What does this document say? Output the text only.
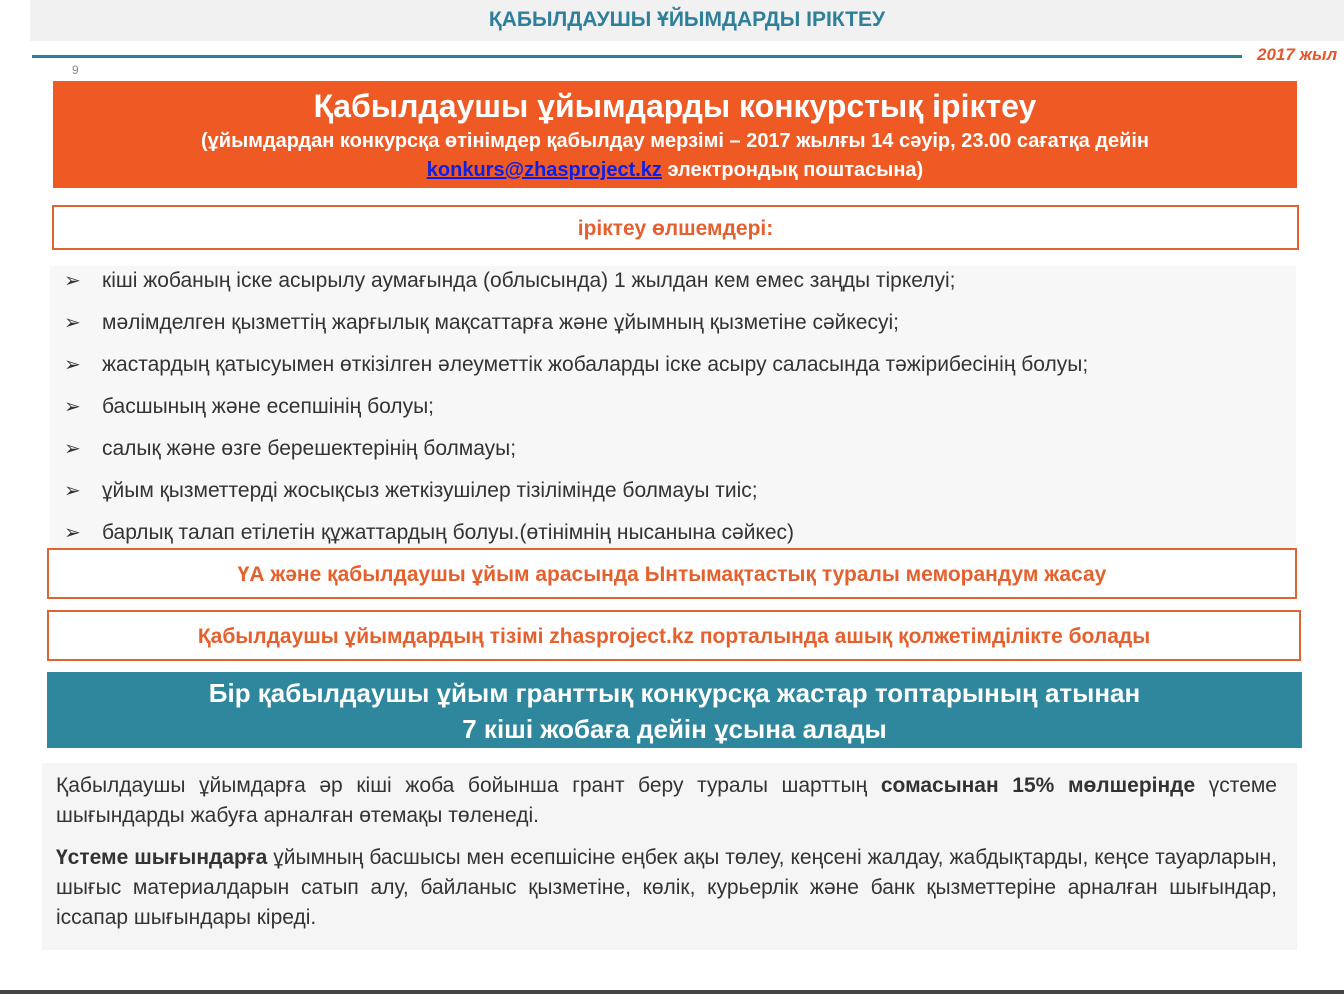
ҚАБЫЛДАУШЫ ҰЙЫМДАРДЫ ІРІКТЕУ
2017 жыл
9
Қабылдаушы ұйымдарды конкурстық іріктеу
(ұйымдардан конкурсқа өтінімдер қабылдау мерзімі – 2017 жылғы 14 сәуір, 23.00 сағатқа дейін
konkurs@zhasproject.kz электрондық поштасына)
іріктеу өлшемдері:
➢ кіші жобаның іске асырылу аумағында (облысында) 1 жылдан кем емес заңды тіркелуі;
➢ мәлімделген қызметтің жарғылық мақсаттарға және ұйымның қызметіне сәйкесуі;
➢ жастардың қатысуымен өткізілген әлеуметтік жобаларды іске асыру саласында тәжірибесінің болуы;
➢ басшының және есепшінің болуы;
➢ салық және өзге берешектерінің болмауы;
➢ ұйым қызметтерді жосықсыз жеткізушілер тізілімінде болмауы тиіс;
➢ барлық талап етілетін құжаттардың болуы.(өтінімнің нысанына сәйкес)
ҮА және қабылдаушы ұйым арасында Ынтымақтастық туралы меморандум жасау
Қабылдаушы ұйымдардың тізімі zhasproject.kz порталында ашық қолжетімділікте болады
Бір қабылдаушы ұйым гранттық конкурсқа жастар топтарының атынан
7 кіші жобаға дейін ұсына алады

Қабылдаушы ұйымдарға әр кіші жоба бойынша грант беру туралы шарттың сомасынан 15% мөлшерінде үстеме шығындарды жабуға арналған өтемақы төленеді.

Үстеме шығындарға ұйымның басшысы мен есепшісіне еңбек ақы төлеу, кеңсені жалдау, жабдықтарды, кеңсе тауарларын, шығыс материалдарын сатып алу, байланыс қызметіне, көлік, курьерлік және банк қызметтеріне арналған шығындар, іссапар шығындары кіреді.
